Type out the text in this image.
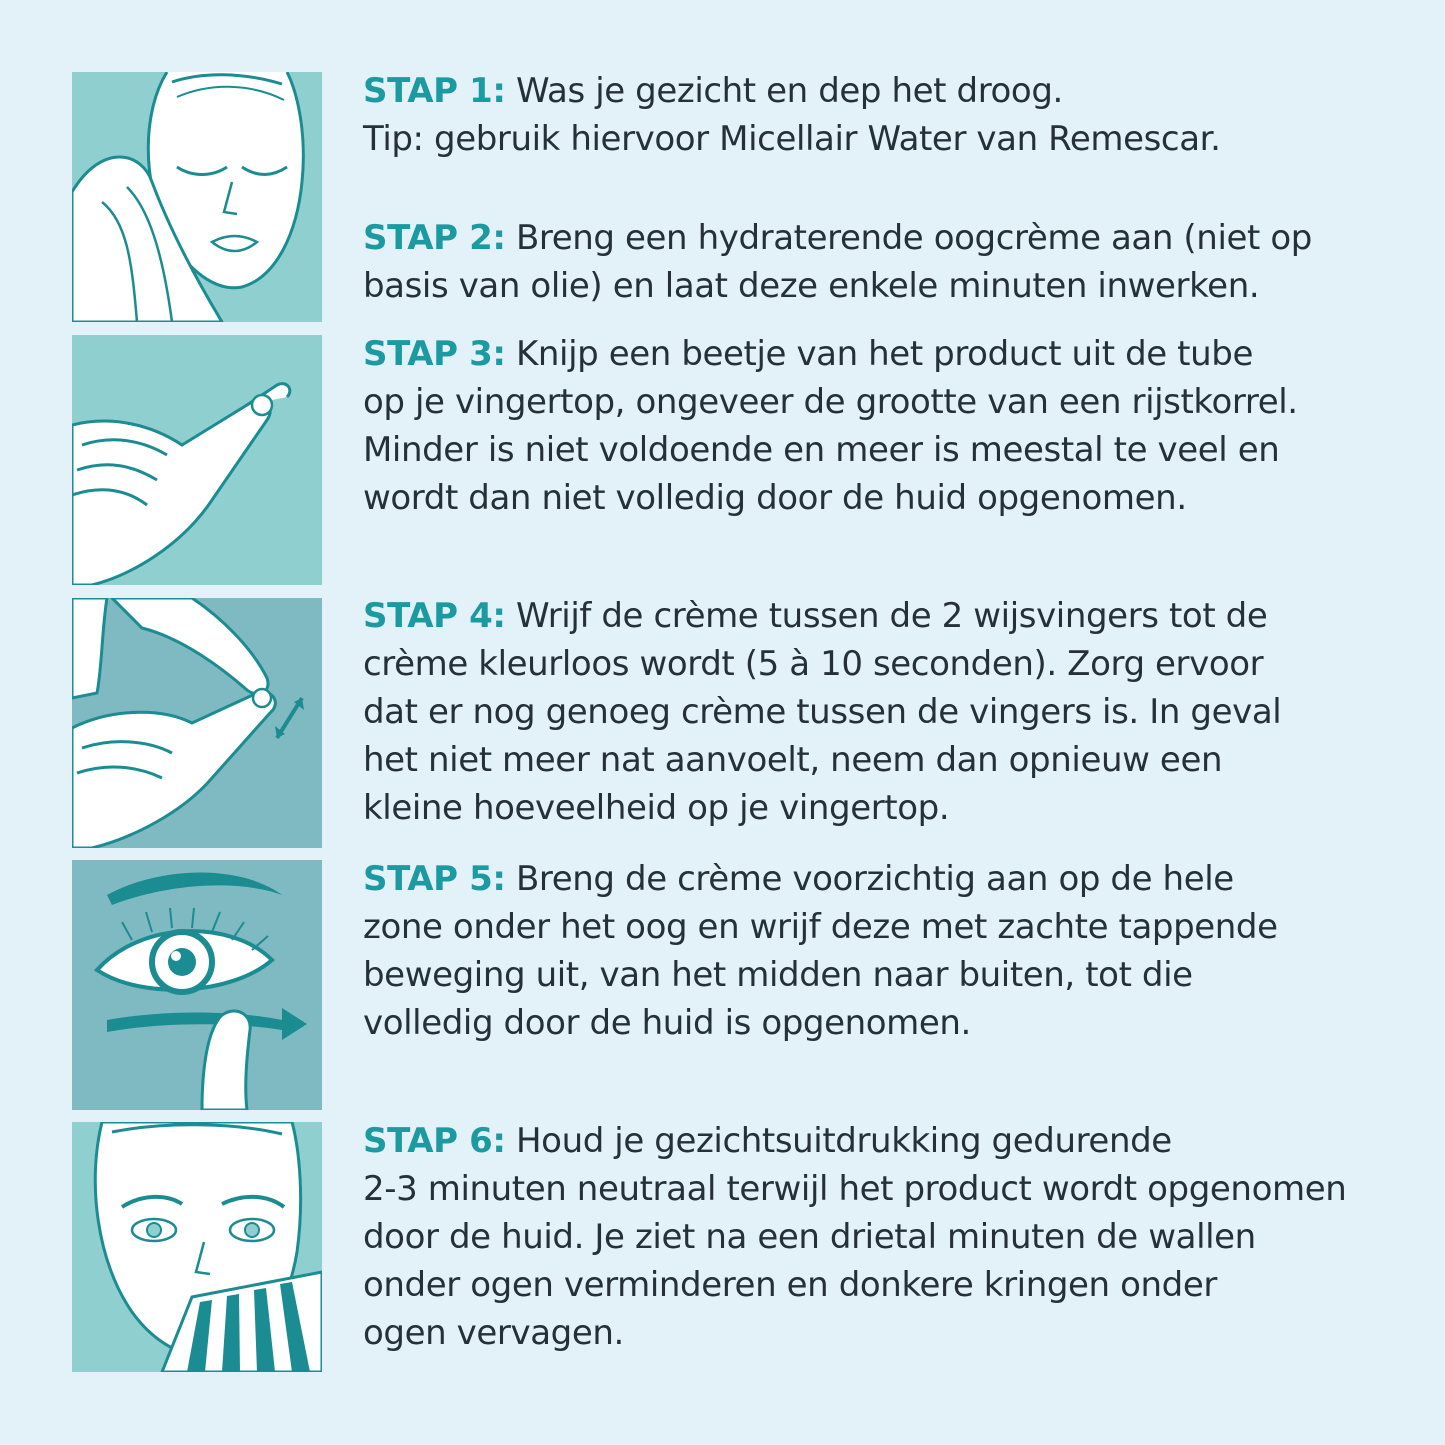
STAP 1: Was je gezicht en dep het droog.
Tip: gebruik hiervoor Micellair Water van Remescar.
STAP 2: Breng een hydraterende oogcrème aan (niet op
basis van olie) en laat deze enkele minuten inwerken.
STAP 3: Knijp een beetje van het product uit de tube
op je vingertop, ongeveer de grootte van een rijstkorrel.
Minder is niet voldoende en meer is meestal te veel en
wordt dan niet volledig door de huid opgenomen.
STAP 4: Wrijf de crème tussen de 2 wijsvingers tot de
crème kleurloos wordt (5 à 10 seconden). Zorg ervoor
dat er nog genoeg crème tussen de vingers is. In geval
het niet meer nat aanvoelt, neem dan opnieuw een
kleine hoeveelheid op je vingertop.
STAP 5: Breng de crème voorzichtig aan op de hele
zone onder het oog en wrijf deze met zachte tappende
beweging uit, van het midden naar buiten, tot die
volledig door de huid is opgenomen.
STAP 6: Houd je gezichtsuitdrukking gedurende
2-3 minuten neutraal terwijl het product wordt opgenomen
door de huid. Je ziet na een drietal minuten de wallen
onder ogen verminderen en donkere kringen onder
ogen vervagen.
